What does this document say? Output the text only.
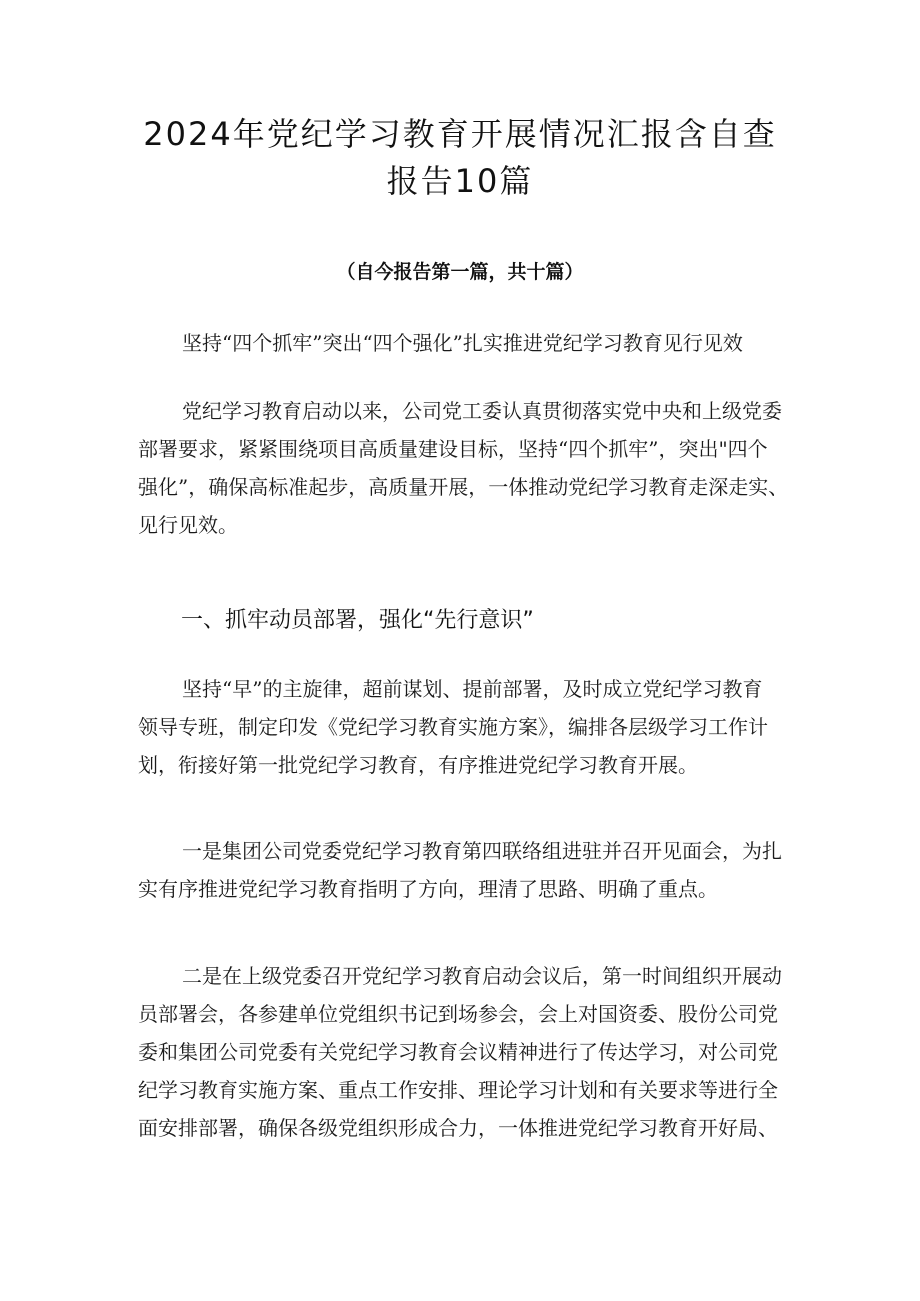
2024年党纪学习教育开展情况汇报含自查
报告10篇
（自今报告第一篇，共十篇）
坚持“四个抓牢”突出“四个强化”扎实推进党纪学习教育见行见效
党纪学习教育启动以来，公司党工委认真贯彻落实党中央和上级党委
部署要求，紧紧围绕项目高质量建设目标，坚持“四个抓牢”，突出"四个
强化”，确保高标准起步，高质量开展，一体推动党纪学习教育走深走实、
见行见效。
一、抓牢动员部署，强化“先行意识”
坚持“早”的主旋律，超前谋划、提前部署，及时成立党纪学习教育
领导专班，制定印发《党纪学习教育实施方案》，编排各层级学习工作计
划，衔接好第一批党纪学习教育，有序推进党纪学习教育开展。
一是集团公司党委党纪学习教育第四联络组进驻并召开见面会，为扎
实有序推进党纪学习教育指明了方向，理清了思路、明确了重点。
二是在上级党委召开党纪学习教育启动会议后，第一时间组织开展动
员部署会，各参建单位党组织书记到场参会，会上对国资委、股份公司党
委和集团公司党委有关党纪学习教育会议精神进行了传达学习，对公司党
纪学习教育实施方案、重点工作安排、理论学习计划和有关要求等进行全
面安排部署，确保各级党组织形成合力，一体推进党纪学习教育开好局、
